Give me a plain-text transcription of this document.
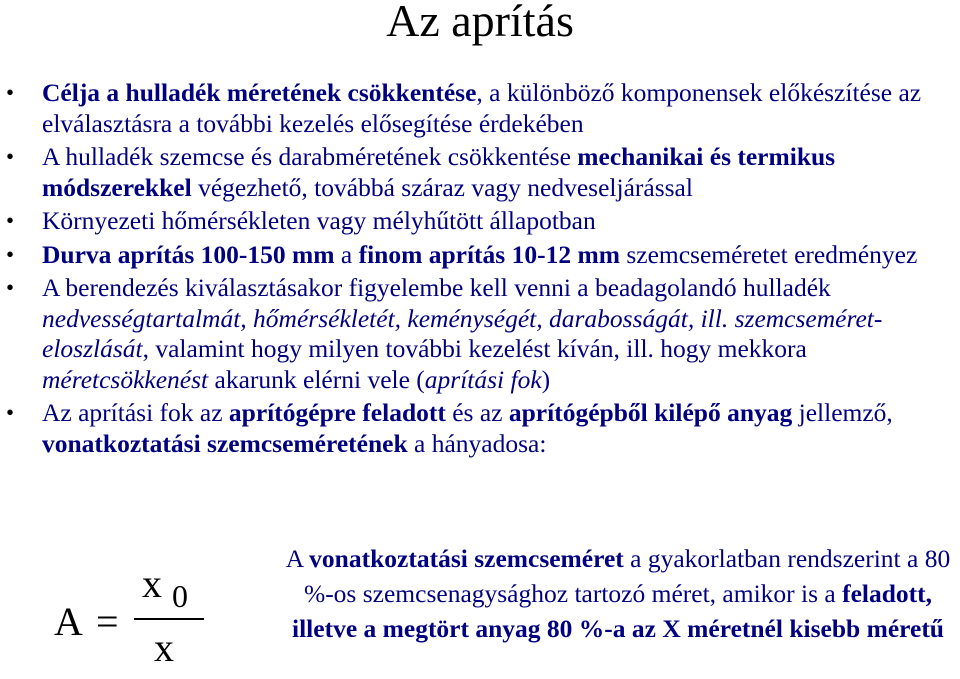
Az aprítás
• Célja a hulladék méretének csökkentése, a különböző komponensek előkészítése az elválasztásra a további kezelés elősegítése érdekében
• A hulladék szemcse és darabméretének csökkentése mechanikai és termikus módszerekkel végezhető, továbbá száraz vagy nedveseljárással
• Környezeti hőmérsékleten vagy mélyhűtött állapotban
• Durva aprítás 100-150 mm a finom aprítás 10-12 mm szemcseméretet eredményez
• A berendezés kiválasztásakor figyelembe kell venni a beadagolandó hulladék nedvességtartalmát, hőmérsékletét, keménységét, darabosságát, ill. szemcseméret-eloszlását, valamint hogy milyen további kezelést kíván, ill. hogy mekkora méretcsökkenést akarunk elérni vele (aprítási fok)
• Az aprítási fok az aprítógépre feladott és az aprítógépből kilépő anyag jellemző, vonatkoztatási szemcseméretének a hányadosa:
A =
x 0
x
A vonatkoztatási szemcseméret a gyakorlatban rendszerint a 80 %-os szemcsenagysághoz tartozó méret, amikor is a feladott, illetve a megtört anyag 80 %-a az X méretnél kisebb méretű
